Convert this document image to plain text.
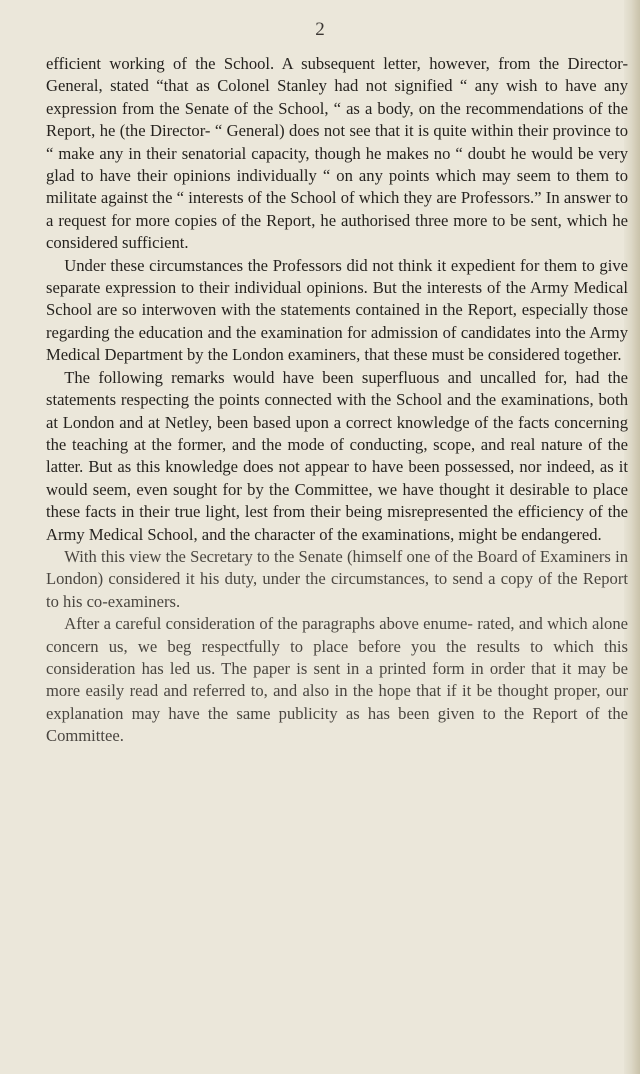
2

efficient working of the School. A subsequent letter, however, from the Director-General, stated “that as Colonel Stanley had not signified “ any wish to have any expression from the Senate of the School, “ as a body, on the recommendations of the Report, he (the Director- “ General) does not see that it is quite within their province to “ make any in their senatorial capacity, though he makes no “ doubt he would be very glad to have their opinions individually “ on any points which may seem to them to militate against the “ interests of the School of which they are Professors.” In answer to a request for more copies of the Report, he authorised three more to be sent, which he considered sufficient.

Under these circumstances the Professors did not think it expedient for them to give separate expression to their individual opinions. But the interests of the Army Medical School are so interwoven with the statements contained in the Report, especially those regarding the education and the examination for admission of candidates into the Army Medical Department by the London examiners, that these must be considered together.

The following remarks would have been superfluous and uncalled for, had the statements respecting the points connected with the School and the examinations, both at London and at Netley, been based upon a correct knowledge of the facts concerning the teaching at the former, and the mode of conducting, scope, and real nature of the latter. But as this knowledge does not appear to have been possessed, nor indeed, as it would seem, even sought for by the Committee, we have thought it desirable to place these facts in their true light, lest from their being misrepresented the efficiency of the Army Medical School, and the character of the examinations, might be endangered.

With this view the Secretary to the Senate (himself one of the Board of Examiners in London) considered it his duty, under the circumstances, to send a copy of the Report to his co-examiners.

After a careful consideration of the paragraphs above enume- rated, and which alone concern us, we beg respectfully to place before you the results to which this consideration has led us. The paper is sent in a printed form in order that it may be more easily read and referred to, and also in the hope that if it be thought proper, our explanation may have the same publicity as has been given to the Report of the Committee.
